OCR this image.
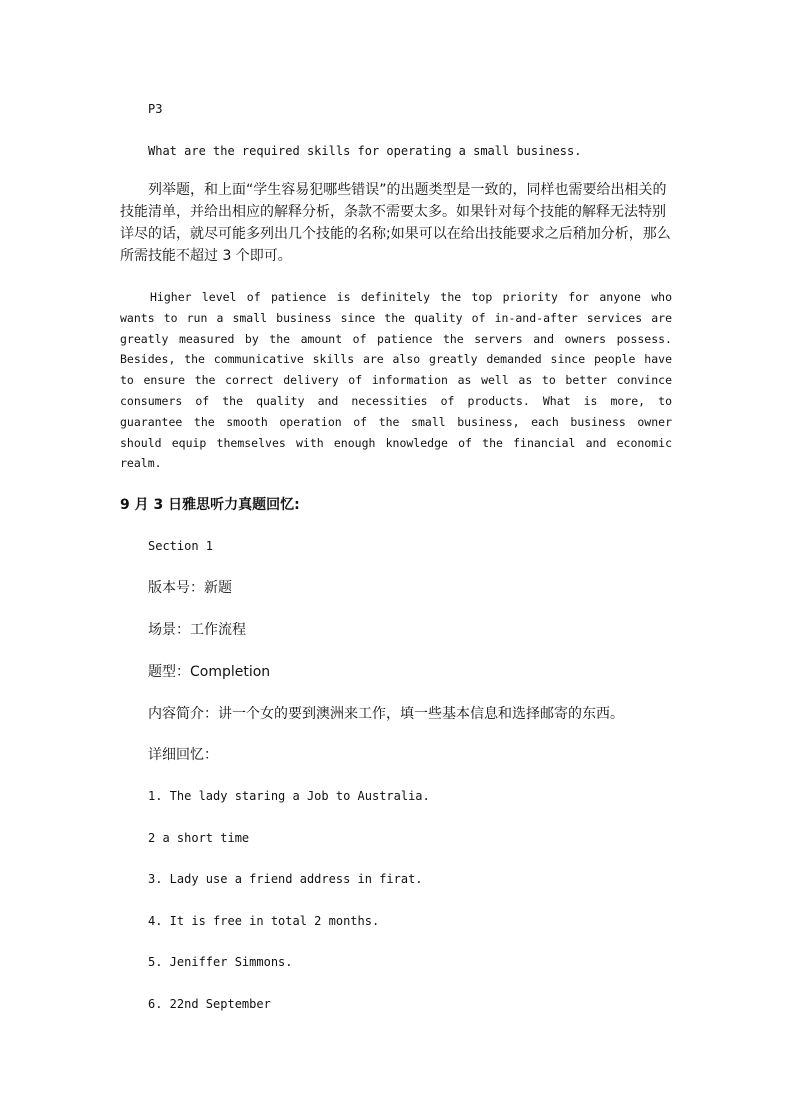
P3
What are the required skills for operating a small business.
列举题，和上面“学生容易犯哪些错误”的出题类型是一致的，同样也需要给出相关的技能清单，并给出相应的解释分析，条款不需要太多。如果针对每个技能的解释无法特别详尽的话，就尽可能多列出几个技能的名称;如果可以在给出技能要求之后稍加分析，那么所需技能不超过 3 个即可。
Higher level of patience is definitely the top priority for anyone who wants to run a small business since the quality of in-and-after services are greatly measured by the amount of patience the servers and owners possess. Besides, the communicative skills are also greatly demanded since people have to ensure the correct delivery of information as well as to better convince consumers of the quality and necessities of products. What is more, to guarantee the smooth operation of the small business, each business owner should equip themselves with enough knowledge of the financial and economic realm.
9 月 3 日雅思听力真题回忆:
Section 1
版本号：新题
场景：工作流程
题型：Completion
内容简介：讲一个女的要到澳洲来工作，填一些基本信息和选择邮寄的东西。
详细回忆：
1. The lady staring a Job to Australia.
2 a short time
3. Lady use a friend address in firat.
4. It is free in total 2 months.
5. Jeniffer Simmons.
6. 22nd September
